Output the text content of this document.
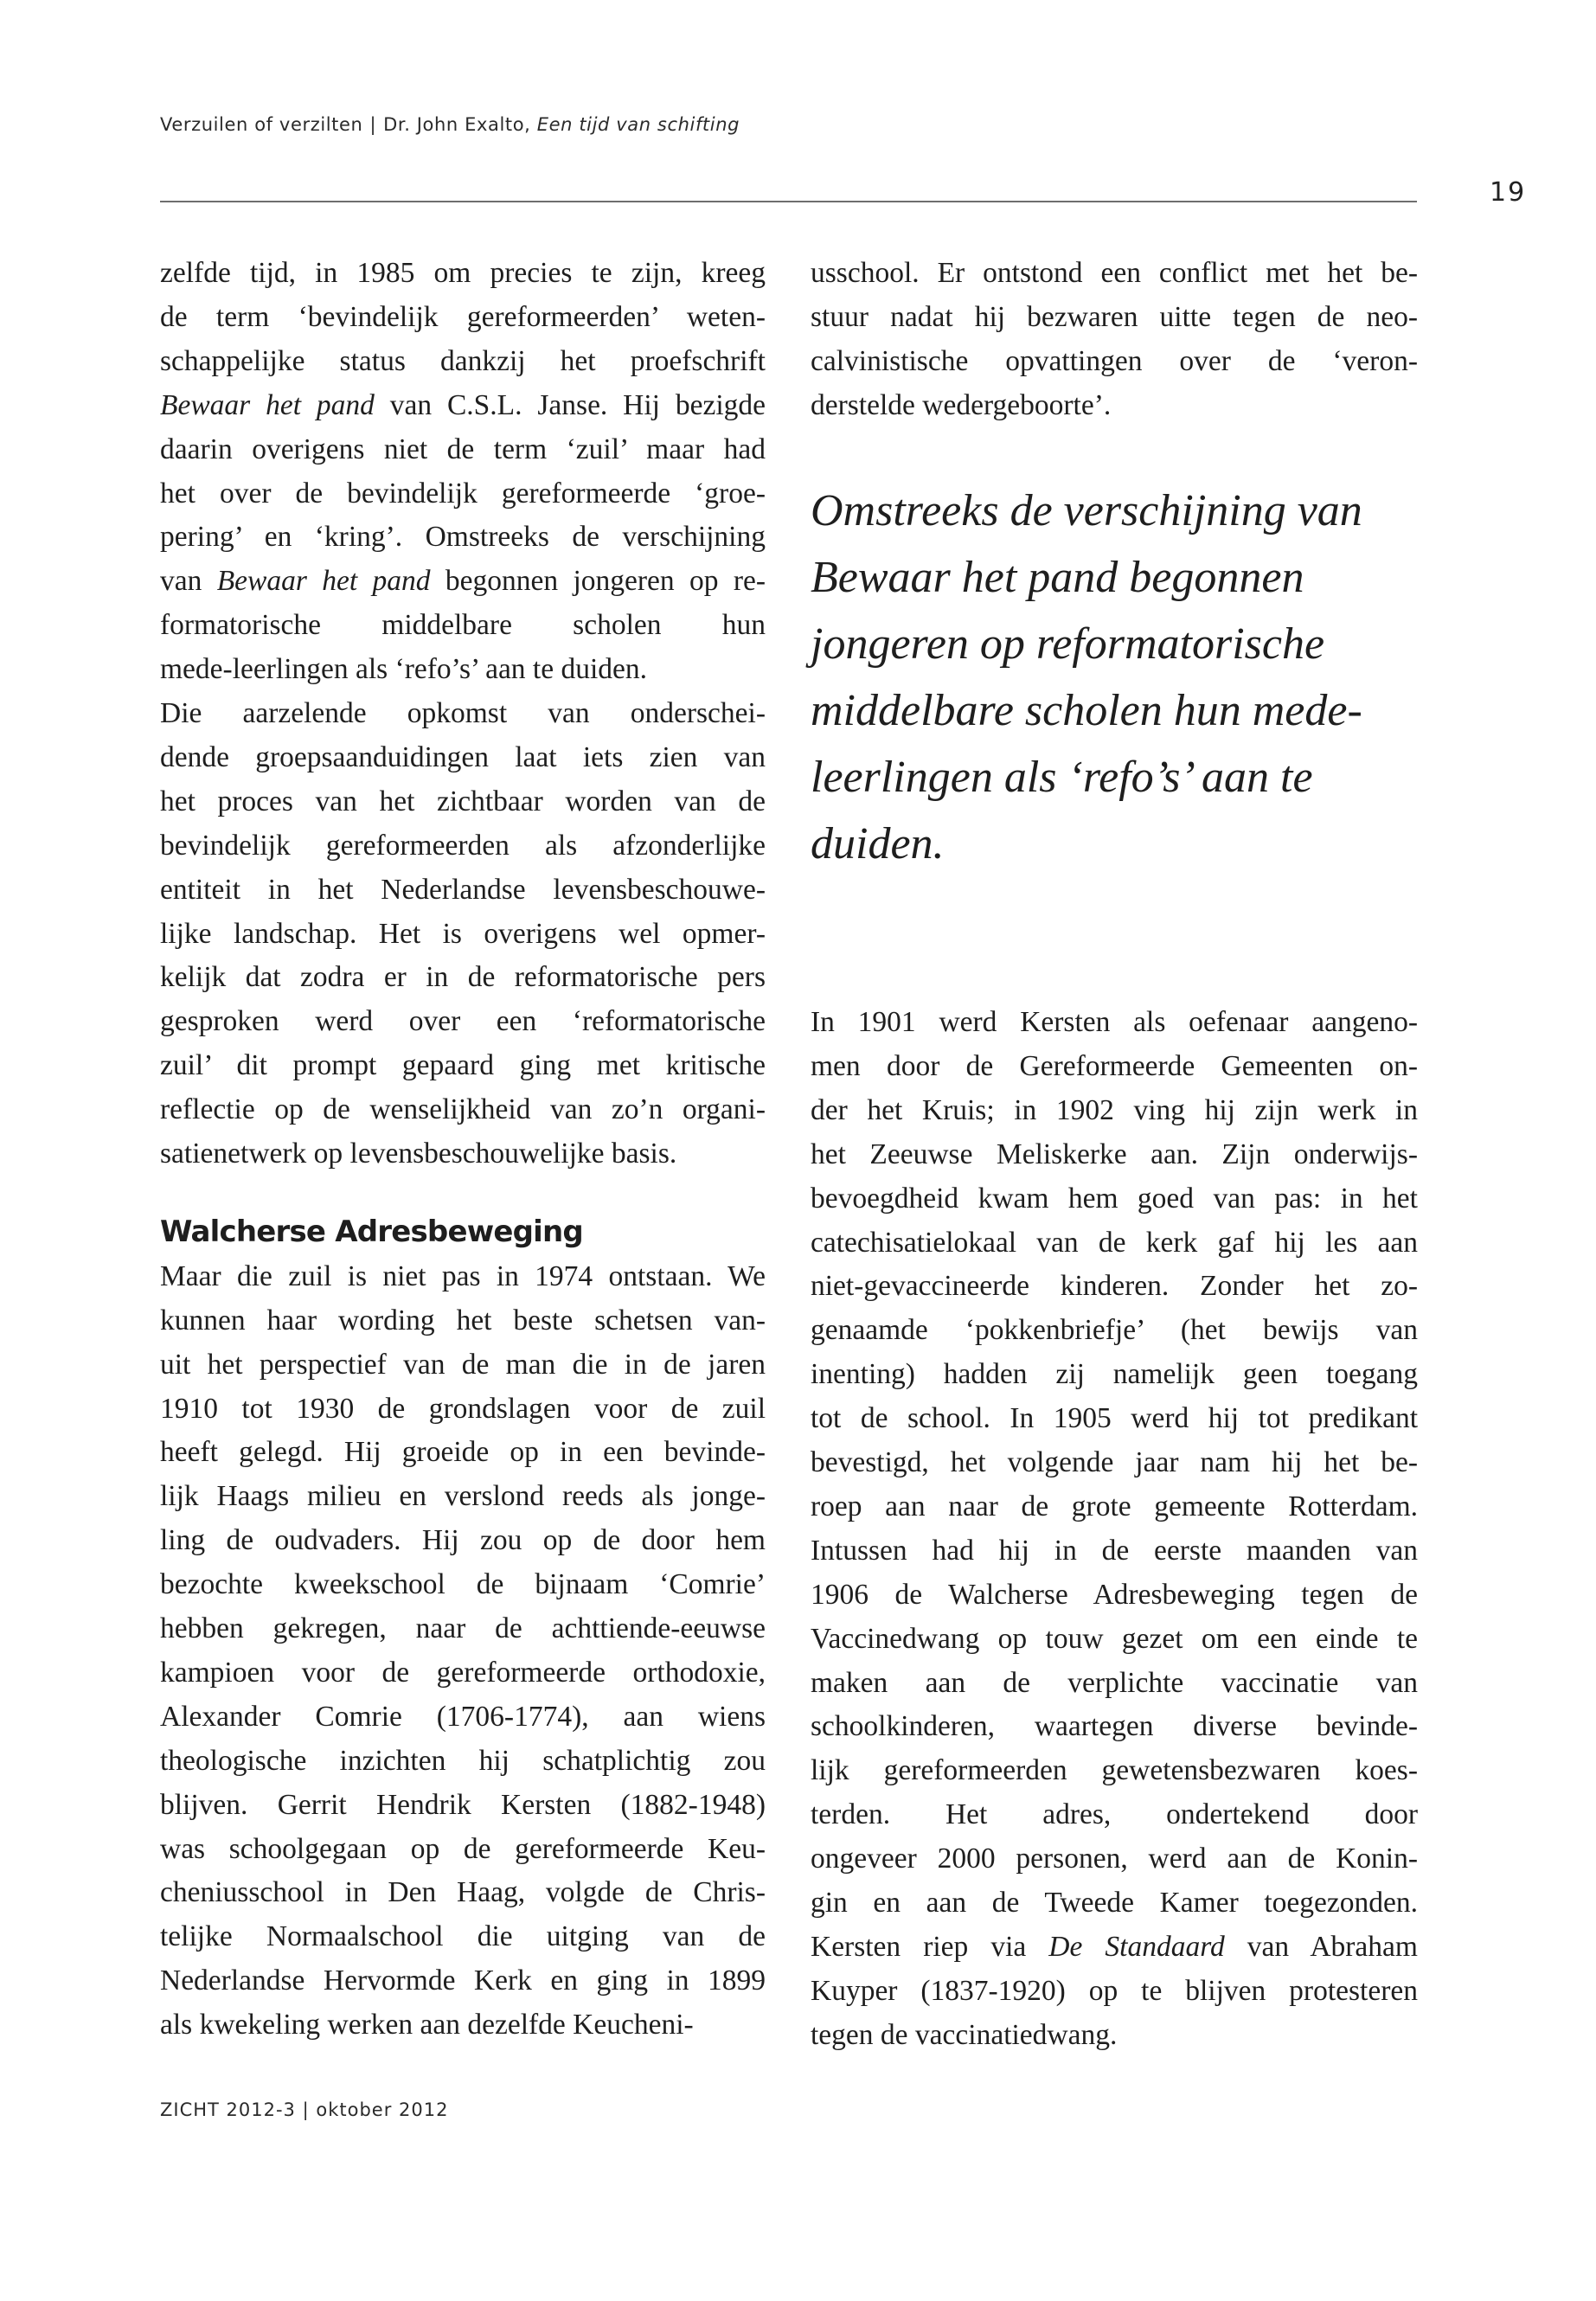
Verzuilen of verzilten | Dr. John Exalto, Een tijd van schifting
19
zelfde tijd, in 1985 om precies te zijn, kreeg
de term ‘bevindelijk gereformeerden’ weten-
schappelijke status dankzij het proefschrift
Bewaar het pand van C.S.L. Janse. Hij bezigde
daarin overigens niet de term ‘zuil’ maar had
het over de bevindelijk gereformeerde ‘groe-
pering’ en ‘kring’. Omstreeks de verschijning
van Bewaar het pand begonnen jongeren op re-
formatorische middelbare scholen hun
mede-leerlingen als ‘refo’s’ aan te duiden.
Die aarzelende opkomst van onderschei-
dende groepsaanduidingen laat iets zien van
het proces van het zichtbaar worden van de
bevindelijk gereformeerden als afzonderlijke
entiteit in het Nederlandse levensbeschouwe-
lijke landschap. Het is overigens wel opmer-
kelijk dat zodra er in de reformatorische pers
gesproken werd over een ‘reformatorische
zuil’ dit prompt gepaard ging met kritische
reflectie op de wenselijkheid van zo’n organi-
satienetwerk op levensbeschouwelijke basis.
Walcherse Adresbeweging
Maar die zuil is niet pas in 1974 ontstaan. We
kunnen haar wording het beste schetsen van-
uit het perspectief van de man die in de jaren
1910 tot 1930 de grondslagen voor de zuil
heeft gelegd. Hij groeide op in een bevinde-
lijk Haags milieu en verslond reeds als jonge-
ling de oudvaders. Hij zou op de door hem
bezochte kweekschool de bijnaam ‘Comrie’
hebben gekregen, naar de achttiende-eeuwse
kampioen voor de gereformeerde orthodoxie,
Alexander Comrie (1706-1774), aan wiens
theologische inzichten hij schatplichtig zou
blijven. Gerrit Hendrik Kersten (1882-1948)
was schoolgegaan op de gereformeerde Keu-
cheniusschool in Den Haag, volgde de Chris-
telijke Normaalschool die uitging van de
Nederlandse Hervormde Kerk en ging in 1899
als kwekeling werken aan dezelfde Keucheni-
usschool. Er ontstond een conflict met het be-
stuur nadat hij bezwaren uitte tegen de neo-
calvinistische opvattingen over de ‘veron-
derstelde wedergeboorte’.
Omstreeks de verschijning van
Bewaar het pand begonnen
jongeren op reformatorische
middelbare scholen hun mede-
leerlingen als ‘refo’s’ aan te
duiden.
In 1901 werd Kersten als oefenaar aangeno-
men door de Gereformeerde Gemeenten on-
der het Kruis; in 1902 ving hij zijn werk in
het Zeeuwse Meliskerke aan. Zijn onderwijs-
bevoegdheid kwam hem goed van pas: in het
catechisatielokaal van de kerk gaf hij les aan
niet-gevaccineerde kinderen. Zonder het zo-
genaamde ‘pokkenbriefje’ (het bewijs van
inenting) hadden zij namelijk geen toegang
tot de school. In 1905 werd hij tot predikant
bevestigd, het volgende jaar nam hij het be-
roep aan naar de grote gemeente Rotterdam.
Intussen had hij in de eerste maanden van
1906 de Walcherse Adresbeweging tegen de
Vaccinedwang op touw gezet om een einde te
maken aan de verplichte vaccinatie van
schoolkinderen, waartegen diverse bevinde-
lijk gereformeerden gewetensbezwaren koes-
terden. Het adres, ondertekend door
ongeveer 2000 personen, werd aan de Konin-
gin en aan de Tweede Kamer toegezonden.
Kersten riep via De Standaard van Abraham
Kuyper (1837-1920) op te blijven protesteren
tegen de vaccinatiedwang.
ZICHT 2012-3 | oktober 2012
